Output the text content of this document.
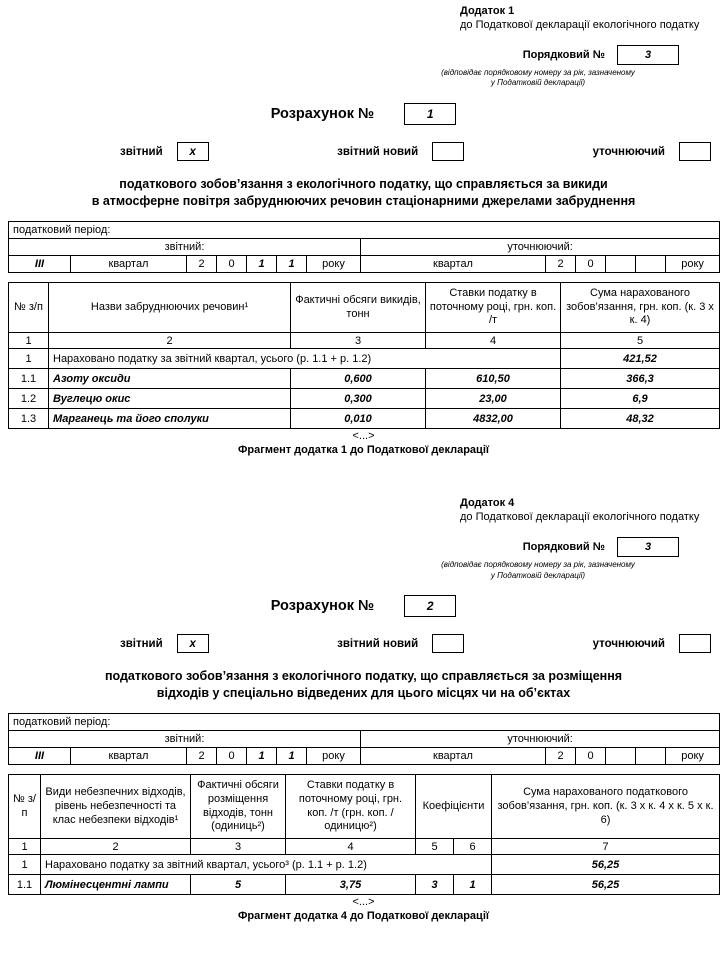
Додаток 1
до Податкової декларації екологічного податку
Порядковий №	3
(відповідає порядковому номеру за рік, зазначеному
у Податковій декларації)
Розрахунок №	1
звітний	х	звітний новий	уточнюючий
податкового зобов’язання з екологічного податку, що справляється за викиди
в атмосферне повітря забруднюючих речовин стаціонарними джерелами забруднення
податковий період:												
звітний:							уточнюючий:					
ІІІ	квартал	2	0	1	1	року	квартал	2	0			року
№ з/п	Назви забруднюючих речовин¹	Фактичні обсяги викидів, тонн	Ставки податку в поточному році, грн. коп. /т	Сума нарахованого зобов’язання, грн. коп. (к. 3 х к. 4)
1	2	3	4	5
1	Нараховано податку за звітний квартал, усього (р. 1.1 + р. 1.2)			421,52
1.1	Азоту оксиди	0,600	610,50	366,3
1.2	Вуглецю окис	0,300	23,00	6,9
1.3	Марганець та його сполуки	0,010	4832,00	48,32
<...>
Фрагмент додатка 1 до Податкової декларації
Додаток 4
до Податкової декларації екологічного податку
Порядковий №	3
(відповідає порядковому номеру за рік, зазначеному
у Податковій декларації)
Розрахунок №	2
звітний	х	звітний новий	уточнюючий
податкового зобов’язання з екологічного податку, що справляється за розміщення
відходів у спеціально відведених для цього місцях чи на об’єктах
податковий період:												
звітний:							уточнюючий:					
ІІІ	квартал	2	0	1	1	року	квартал	2	0			року
№ з/п	Види небезпечних відходів, рівень небезпечності та клас небезпеки відходів¹	Фактичні обсяги розміщення відходів, тонн (одиниць²)	Ставки податку в поточному році, грн. коп. /т (грн. коп. / одиницю²)	Коефіцієнти		Сума нарахованого податкового зобов’язання, грн. коп. (к. 3 х к. 4 х к. 5 х к. 6)
1	2	3	4	5	6	7
1	Нараховано податку за звітний квартал, усього³ (р. 1.1 + р. 1.2)					56,25
1.1	Люмінесцентні лампи	5	3,75	3	1	56,25
<...>
Фрагмент додатка 4 до Податкової декларації
